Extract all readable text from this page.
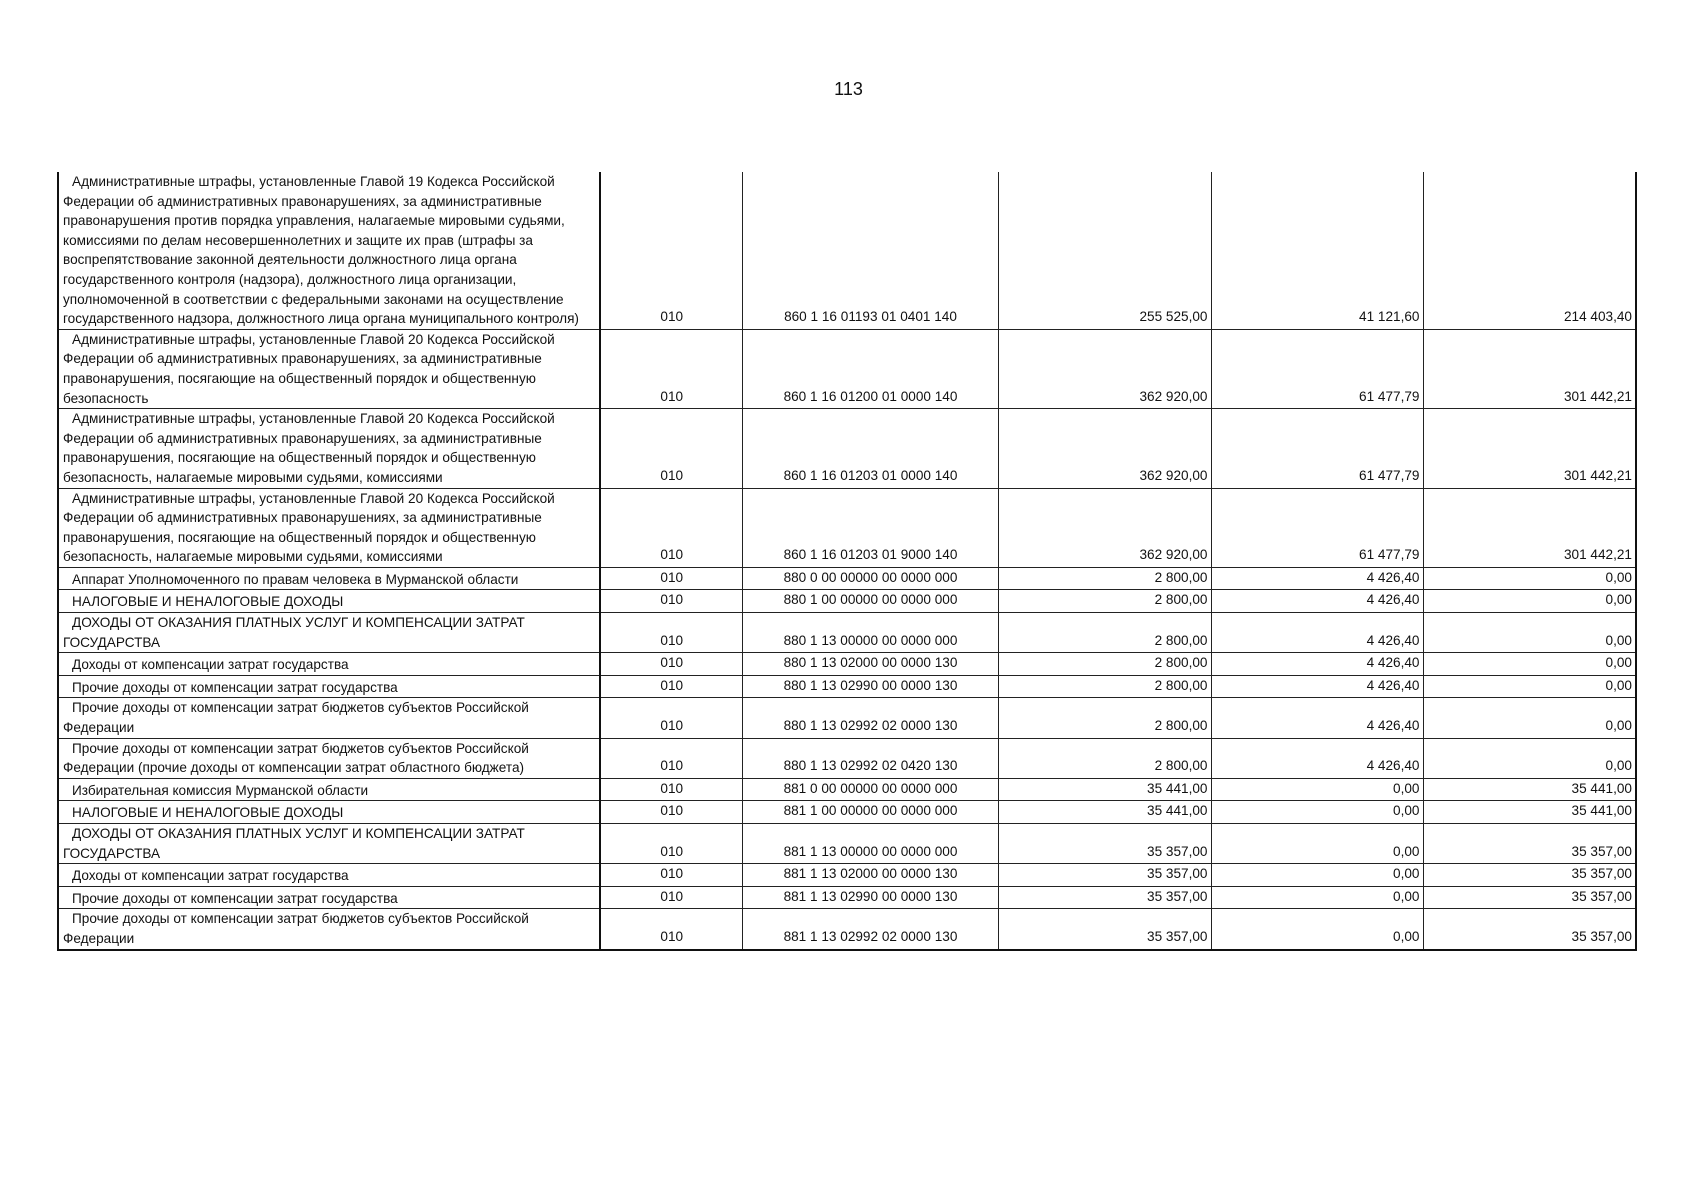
113
Административные штрафы, установленные Главой 19 Кодекса Российской Федерации об административных правонарушениях, за административные правонарушения против порядка управления, налагаемые мировыми судьями, комиссиями по делам несовершеннолетних и защите их прав (штрафы за воспрепятствование законной деятельности должностного лица органа государственного контроля (надзора), должностного лица организации, уполномоченной в соответствии с федеральными законами на осуществление государственного надзора, должностного лица органа муниципального контроля)	010	860 1 16 01193 01 0401 140	255 525,00	41 121,60	214 403,40

Административные штрафы, установленные Главой 20 Кодекса Российской Федерации об административных правонарушениях, за административные правонарушения, посягающие на общественный порядок и общественную безопасность	010	860 1 16 01200 01 0000 140	362 920,00	61 477,79	301 442,21

Административные штрафы, установленные Главой 20 Кодекса Российской Федерации об административных правонарушениях, за административные правонарушения, посягающие на общественный порядок и общественную безопасность, налагаемые мировыми судьями, комиссиями	010	860 1 16 01203 01 0000 140	362 920,00	61 477,79	301 442,21

Административные штрафы, установленные Главой 20 Кодекса Российской Федерации об административных правонарушениях, за административные правонарушения, посягающие на общественный порядок и общественную безопасность, налагаемые мировыми судьями, комиссиями	010	860 1 16 01203 01 9000 140	362 920,00	61 477,79	301 442,21

Аппарат Уполномоченного по правам человека в Мурманской области	010	880 0 00 00000 00 0000 000	2 800,00	4 426,40	0,00

НАЛОГОВЫЕ И НЕНАЛОГОВЫЕ ДОХОДЫ	010	880 1 00 00000 00 0000 000	2 800,00	4 426,40	0,00

ДОХОДЫ ОТ ОКАЗАНИЯ ПЛАТНЫХ УСЛУГ И КОМПЕНСАЦИИ ЗАТРАТ ГОСУДАРСТВА	010	880 1 13 00000 00 0000 000	2 800,00	4 426,40	0,00

Доходы от компенсации затрат государства	010	880 1 13 02000 00 0000 130	2 800,00	4 426,40	0,00

Прочие доходы от компенсации затрат государства	010	880 1 13 02990 00 0000 130	2 800,00	4 426,40	0,00

Прочие доходы от компенсации затрат бюджетов субъектов Российской Федерации	010	880 1 13 02992 02 0000 130	2 800,00	4 426,40	0,00

Прочие доходы от компенсации затрат бюджетов субъектов Российской Федерации (прочие доходы от компенсации затрат областного бюджета)	010	880 1 13 02992 02 0420 130	2 800,00	4 426,40	0,00

Избирательная комиссия Мурманской области	010	881 0 00 00000 00 0000 000	35 441,00	0,00	35 441,00

НАЛОГОВЫЕ И НЕНАЛОГОВЫЕ ДОХОДЫ	010	881 1 00 00000 00 0000 000	35 441,00	0,00	35 441,00

ДОХОДЫ ОТ ОКАЗАНИЯ ПЛАТНЫХ УСЛУГ И КОМПЕНСАЦИИ ЗАТРАТ ГОСУДАРСТВА	010	881 1 13 00000 00 0000 000	35 357,00	0,00	35 357,00

Доходы от компенсации затрат государства	010	881 1 13 02000 00 0000 130	35 357,00	0,00	35 357,00

Прочие доходы от компенсации затрат государства	010	881 1 13 02990 00 0000 130	35 357,00	0,00	35 357,00

Прочие доходы от компенсации затрат бюджетов субъектов Российской Федерации	010	881 1 13 02992 02 0000 130	35 357,00	0,00	35 357,00
